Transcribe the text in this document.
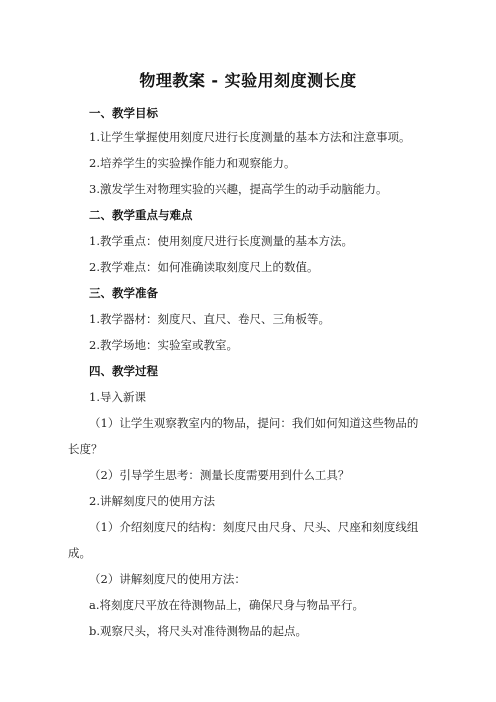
物理教案 - 实验用刻度测长度
一、教学目标
1.让学生掌握使用刻度尺进行长度测量的基本方法和注意事项。
2.培养学生的实验操作能力和观察能力。
3.激发学生对物理实验的兴趣，提高学生的动手动脑能力。
二、教学重点与难点
1.教学重点：使用刻度尺进行长度测量的基本方法。
2.教学难点：如何准确读取刻度尺上的数值。
三、教学准备
1.教学器材：刻度尺、直尺、卷尺、三角板等。
2.教学场地：实验室或教室。
四、教学过程
1.导入新课
（1）让学生观察教室内的物品，提问：我们如何知道这些物品的
长度？
（2）引导学生思考：测量长度需要用到什么工具？
2.讲解刻度尺的使用方法
（1）介绍刻度尺的结构：刻度尺由尺身、尺头、尺座和刻度线组
成。
（2）讲解刻度尺的使用方法：
a.将刻度尺平放在待测物品上，确保尺身与物品平行。
b.观察尺头，将尺头对准待测物品的起点。
